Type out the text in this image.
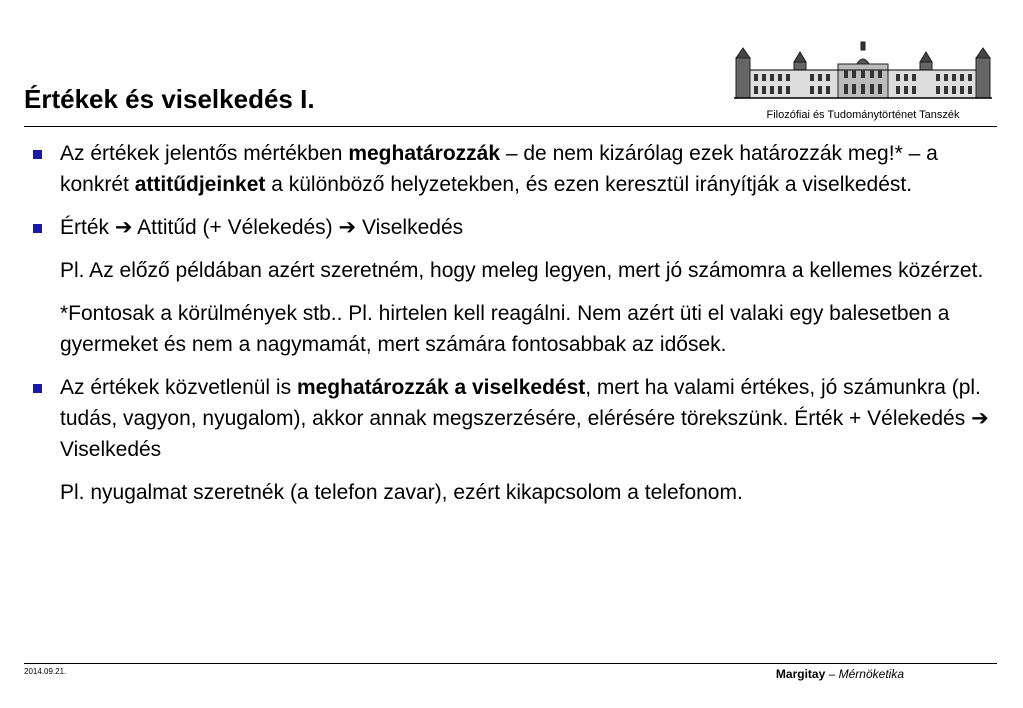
Értékek és viselkedés I.
Filozófiai és Tudománytörténet Tanszék
Az értékek jelentős mértékben meghatározzák – de nem kizárólag ezek határozzák meg!* – a konkrét attitűdjeinket a különböző helyzetekben, és ezen keresztül irányítják a viselkedést.
Érték ➔ Attitűd (+ Vélekedés) ➔ Viselkedés
Pl. Az előző példában azért szeretném, hogy meleg legyen, mert jó számomra a kellemes közérzet.
*Fontosak a körülmények stb.. Pl. hirtelen kell reagálni. Nem azért üti el valaki egy balesetben a gyermeket és nem a nagymamát, mert számára fontosabbak az idősek.
Az értékek közvetlenül is meghatározzák a viselkedést, mert ha valami értékes, jó számunkra (pl. tudás, vagyon, nyugalom), akkor annak megszerzésére, elérésére törekszünk. Érték + Vélekedés ➔ Viselkedés
Pl. nyugalmat szeretnék (a telefon zavar), ezért kikapcsolom a telefonom.
2014.09.21.	Margitay – Mérnöketika
